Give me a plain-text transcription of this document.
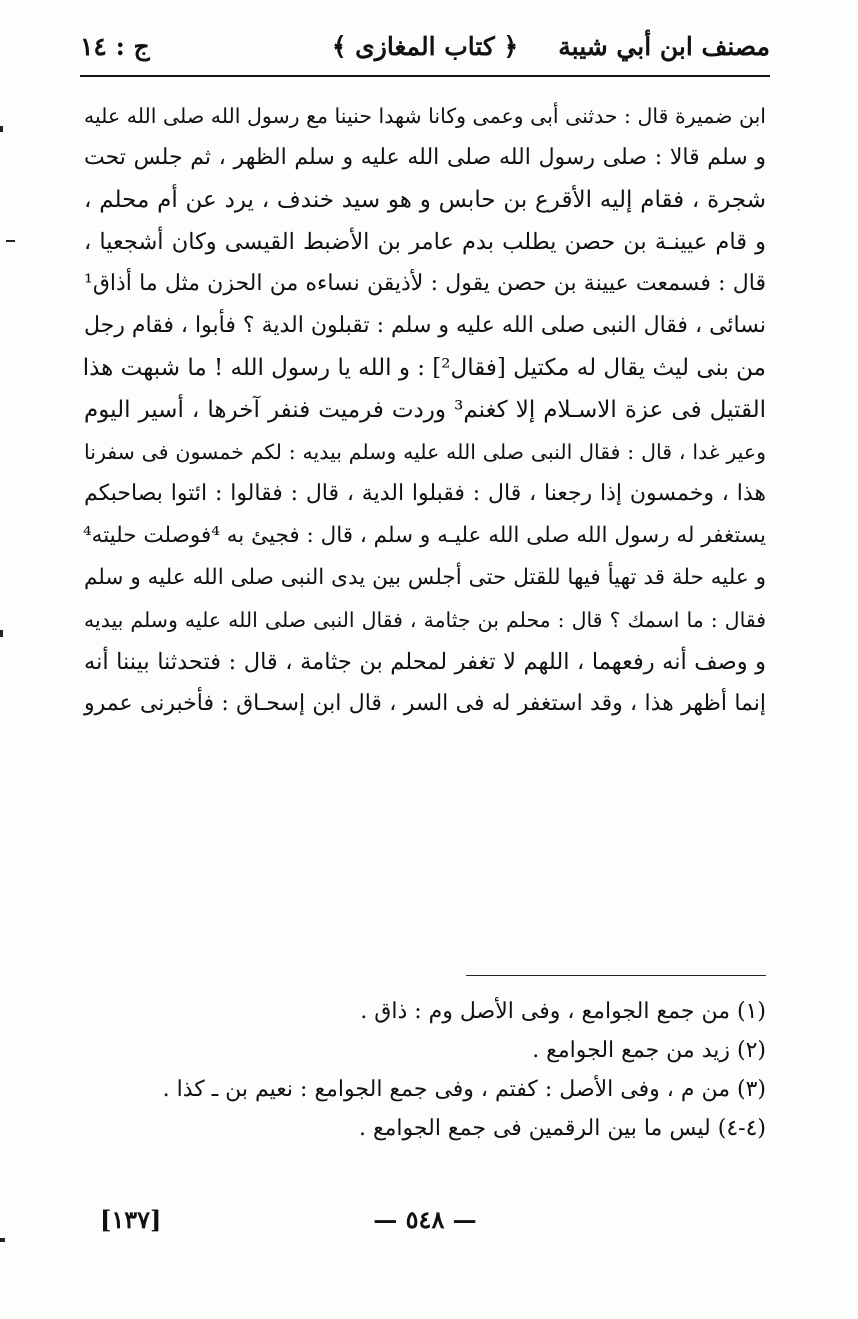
مصنف ابن أبي شيبة
﴿ كتاب المغازى ﴾
ج : ١٤
ابن ضميرة قال : حدثنى أبى وعمى وكانا شهدا حنينا مع رسول الله صلى الله عليه
و سلم قالا : صلى رسول الله صلى الله عليه و سلم الظهر ، ثم جلس تحت
شجرة ، فقام إليه الأقرع بن حابس و هو سيد خندف ، يرد عن أم محلم ،
و قام عيينـة بن حصن يطلب بدم عامر بن الأضبط القيسى وكان أشجعيا ،
قال : فسمعت عيينة بن حصن يقول : لأذيقن نساءه من الحزن مثل ما أذاق¹
نسائى ، فقال النبى صلى الله عليه و سلم : تقبلون الدية ؟ فأبوا ، فقام رجل
من بنى ليث يقال له مكتيل [فقال²] : و الله يا رسول الله ! ما شبهت هذا
القتيل فى عزة الاسـلام إلا كغنم³ وردت فرميت فنفر آخرها ، أسير اليوم
وعير غدا ، قال : فقال النبى صلى الله عليه وسلم بيديه : لكم خمسون فى سفرنا
هذا ، وخمسون إذا رجعنا ، قال : فقبلوا الدية ، قال : فقالوا : ائتوا بصاحبكم
يستغفر له رسول الله صلى الله عليـه و سلم ، قال : فجيئ به ⁴فوصلت حليته⁴
و عليه حلة قد تهيأ فيها للقتل حتى أجلس بين يدى النبى صلى الله عليه و سلم
فقال : ما اسمك ؟ قال : محلم بن جثامة ، فقال النبى صلى الله عليه وسلم بيديه
و وصف أنه رفعهما ، اللهم لا تغفر لمحلم بن جثامة ، قال : فتحدثنا بيننا أنه
إنما أظهر هذا ، وقد استغفر له فى السر ، قال ابن إسحـاق : فأخبرنى عمرو
(١) من جمع الجوامع ، وفى الأصل وم : ذاق .
(٢) زيد من جمع الجوامع .
(٣) من م ، وفى الأصل : كفتم ، وفى جمع الجوامع : نعيم بن ـ كذا .
(٤-٤) ليس ما بين الرقمين فى جمع الجوامع .
— ٥٤٨ —
[١٣٧]
